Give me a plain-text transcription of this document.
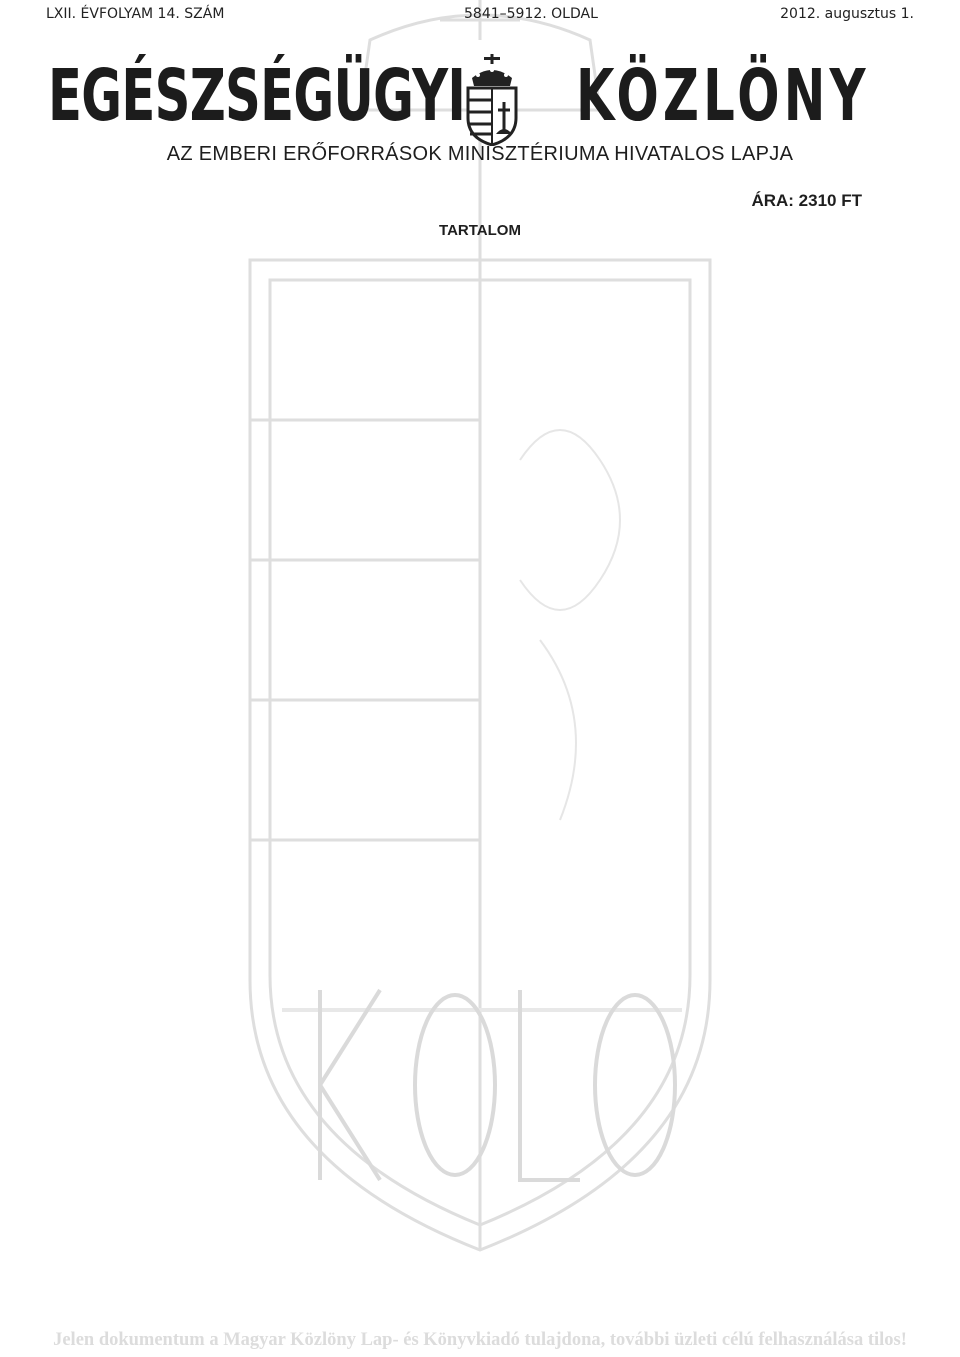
LXII. ÉVFOLYAM 14. SZÁM	5841–5912. OLDAL	2012. augusztus 1.
EGÉSZSÉGÜGYI KÖZLÖNY
AZ EMBERI ERŐFORRÁSOK MINISZTÉRIUMA HIVATALOS LAPJA
ÁRA: 2310 FT
TARTALOM
Jelen dokumentum a Magyar Közlöny Lap- és Könyvkiadó tulajdona, további üzleti célú felhasználása tilos!
